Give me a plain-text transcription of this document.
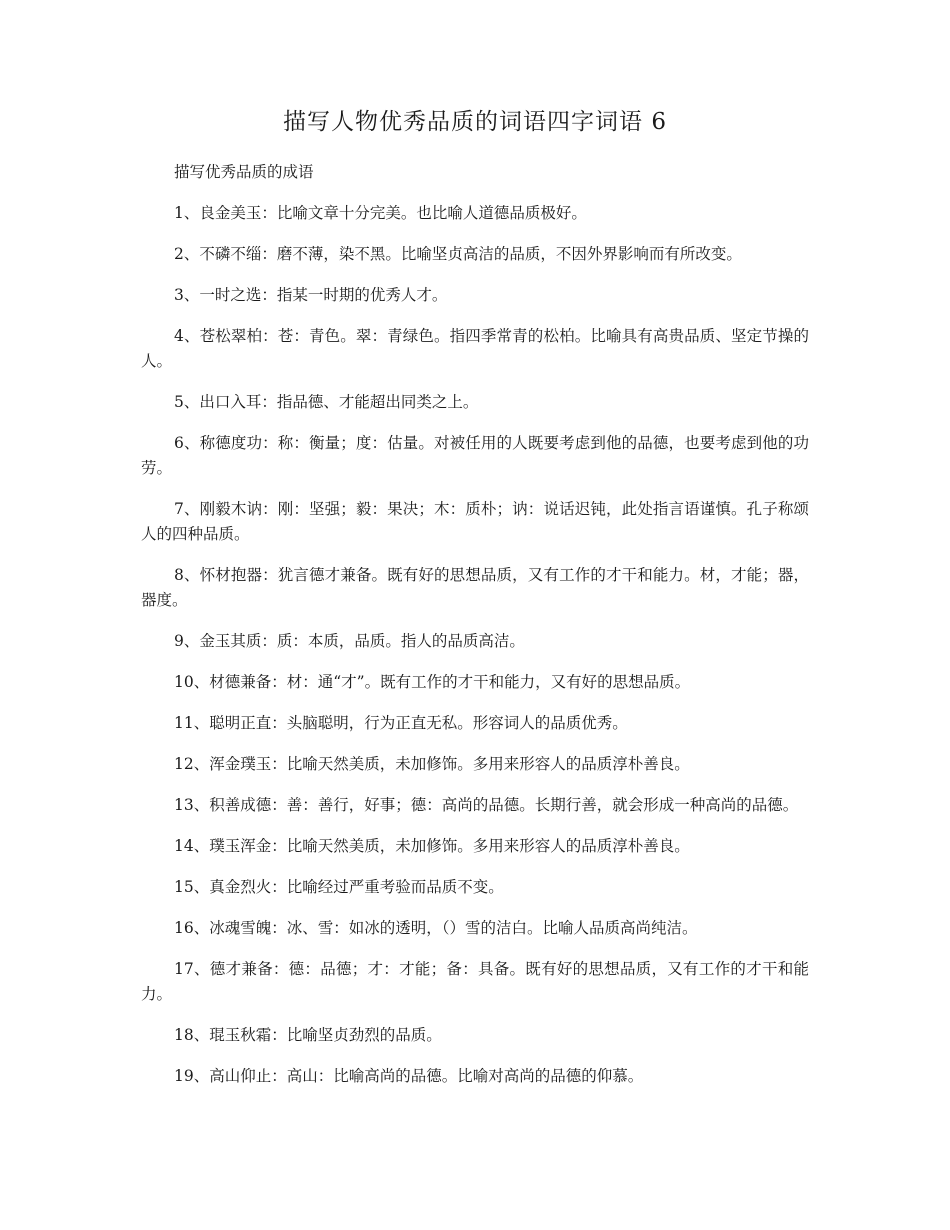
描写人物优秀品质的词语四字词语 6

描写优秀品质的成语

1、良金美玉：比喻文章十分完美。也比喻人道德品质极好。

2、不磷不缁：磨不薄，染不黑。比喻坚贞高洁的品质，不因外界影响而有所改变。

3、一时之选：指某一时期的优秀人才。

4、苍松翠柏：苍：青色。翠：青绿色。指四季常青的松柏。比喻具有高贵品质、坚定节操的人。

5、出口入耳：指品德、才能超出同类之上。

6、称德度功：称：衡量；度：估量。对被任用的人既要考虑到他的品德，也要考虑到他的功劳。

7、刚毅木讷：刚：坚强；毅：果决；木：质朴；讷：说话迟钝，此处指言语谨慎。孔子称颂人的四种品质。

8、怀材抱器：犹言德才兼备。既有好的思想品质，又有工作的才干和能力。材，才能；器，器度。

9、金玉其质：质：本质，品质。指人的品质高洁。

10、材德兼备：材：通“才”。既有工作的才干和能力，又有好的思想品质。

11、聪明正直：头脑聪明，行为正直无私。形容词人的品质优秀。

12、浑金璞玉：比喻天然美质，未加修饰。多用来形容人的品质淳朴善良。

13、积善成德：善：善行，好事；德：高尚的品德。长期行善，就会形成一种高尚的品德。

14、璞玉浑金：比喻天然美质，未加修饰。多用来形容人的品质淳朴善良。

15、真金烈火：比喻经过严重考验而品质不变。

16、冰魂雪魄：冰、雪：如冰的透明，（）雪的洁白。比喻人品质高尚纯洁。

17、德才兼备：德：品德；才：才能；备：具备。既有好的思想品质，又有工作的才干和能力。

18、琨玉秋霜：比喻坚贞劲烈的品质。

19、高山仰止：高山：比喻高尚的品德。比喻对高尚的品德的仰慕。
